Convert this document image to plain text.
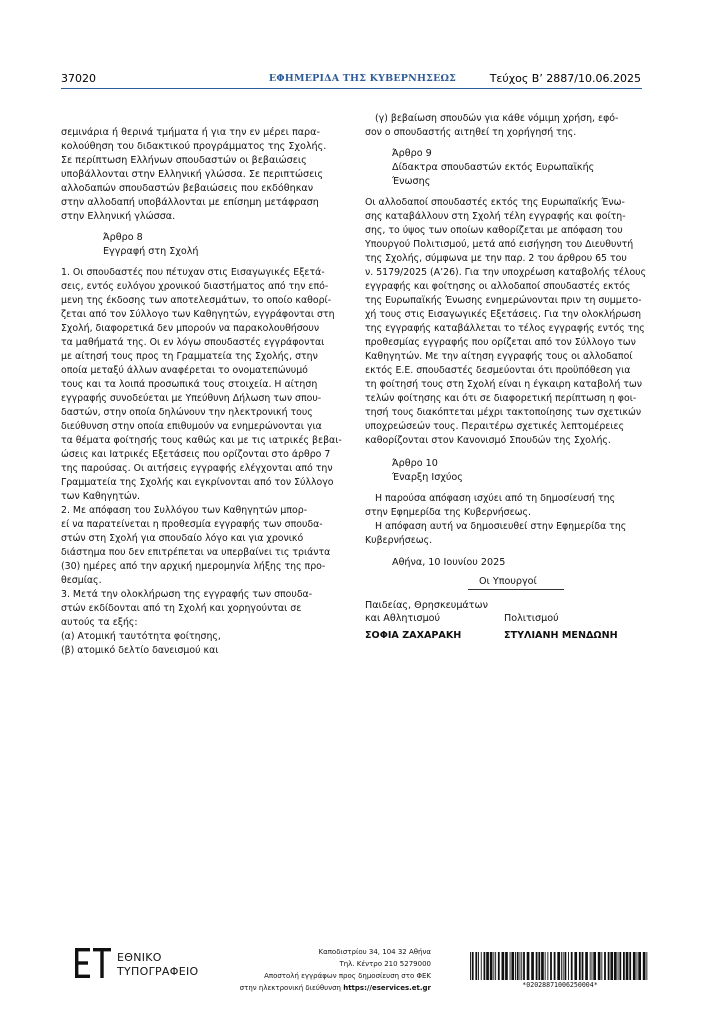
37020	ΕΦΗΜΕΡΙΔΑ ΤΗΣ ΚΥΒΕΡΝΗΣΕΩΣ	Τεύχος Β’ 2887/10.06.2025
σεμινάρια ή θερινά τμήματα ή για την εν μέρει παρα-
κολούθηση του διδακτικού προγράμματος της Σχολής.
Σε περίπτωση Ελλήνων σπουδαστών οι βεβαιώσεις
υποβάλλονται στην Ελληνική γλώσσα. Σε περιπτώσεις
αλλοδαπών σπουδαστών βεβαιώσεις που εκδόθηκαν
στην αλλοδαπή υποβάλλονται με επίσημη μετάφραση
στην Ελληνική γλώσσα.
Άρθρο 8
Εγγραφή στη Σχολή
1. Οι σπουδαστές που πέτυχαν στις Εισαγωγικές Εξετά-
σεις, εντός ευλόγου χρονικού διαστήματος από την επό-
μενη της έκδοσης των αποτελεσμάτων, το οποίο καθορί-
ζεται από τον Σύλλογο των Καθηγητών, εγγράφονται στη
Σχολή, διαφορετικά δεν μπορούν να παρακολουθήσουν
τα μαθήματά της. Οι εν λόγω σπουδαστές εγγράφονται
με αίτησή τους προς τη Γραμματεία της Σχολής, στην
οποία μεταξύ άλλων αναφέρεται το ονοματεπώνυμό
τους και τα λοιπά προσωπικά τους στοιχεία. Η αίτηση
εγγραφής συνοδεύεται με Υπεύθυνη Δήλωση των σπου-
δαστών, στην οποία δηλώνουν την ηλεκτρονική τους
διεύθυνση στην οποία επιθυμούν να ενημερώνονται για
τα θέματα φοίτησής τους καθώς και με τις ιατρικές βεβαι-
ώσεις και Ιατρικές Εξετάσεις που ορίζονται στο άρθρο 7
της παρούσας. Οι αιτήσεις εγγραφής ελέγχονται από την
Γραμματεία της Σχολής και εγκρίνονται από τον Σύλλογο
των Καθηγητών.
2. Με απόφαση του Συλλόγου των Καθηγητών μπορ-
εί να παρατείνεται η προθεσμία εγγραφής των σπουδα-
στών στη Σχολή για σπουδαίο λόγο και για χρονικό
διάστημα που δεν επιτρέπεται να υπερβαίνει τις τριάντα
(30) ημέρες από την αρχική ημερομηνία λήξης της προ-
θεσμίας.
3. Μετά την ολοκλήρωση της εγγραφής των σπουδα-
στών εκδίδονται από τη Σχολή και χορηγούνται σε
αυτούς τα εξής:
(α) Ατομική ταυτότητα φοίτησης,
(β) ατομικό δελτίο δανεισμού και
(γ) βεβαίωση σπουδών για κάθε νόμιμη χρήση, εφό-
σον ο σπουδαστής αιτηθεί τη χορήγησή της.
Άρθρο 9
Δίδακτρα σπουδαστών εκτός Ευρωπαϊκής
Ένωσης
Οι αλλοδαποί σπουδαστές εκτός της Ευρωπαϊκής Ένω-
σης καταβάλλουν στη Σχολή τέλη εγγραφής και φοίτη-
σης, το ύψος των οποίων καθορίζεται με απόφαση του
Υπουργού Πολιτισμού, μετά από εισήγηση του Διευθυντή
της Σχολής, σύμφωνα με την παρ. 2 του άρθρου 65 του
ν. 5179/2025 (Α’26). Για την υποχρέωση καταβολής τέλους
εγγραφής και φοίτησης οι αλλοδαποί σπουδαστές εκτός
της Ευρωπαϊκής Ένωσης ενημερώνονται πριν τη συμμετο-
χή τους στις Εισαγωγικές Εξετάσεις. Για την ολοκλήρωση
της εγγραφής καταβάλλεται το τέλος εγγραφής εντός της
προθεσμίας εγγραφής που ορίζεται από τον Σύλλογο των
Καθηγητών. Με την αίτηση εγγραφής τους οι αλλοδαποί
εκτός Ε.Ε. σπουδαστές δεσμεύονται ότι προϋπόθεση για
τη φοίτησή τους στη Σχολή είναι η έγκαιρη καταβολή των
τελών φοίτησης και ότι σε διαφορετική περίπτωση η φοι-
τησή τους διακόπτεται μέχρι τακτοποίησης των σχετικών
υποχρεώσεών τους. Περαιτέρω σχετικές λεπτομέρειες
καθορίζονται στον Κανονισμό Σπουδών της Σχολής.
Άρθρο 10
Έναρξη Ισχύος
Η παρούσα απόφαση ισχύει από τη δημοσίευσή της
στην Εφημερίδα της Κυβερνήσεως.
Η απόφαση αυτή να δημοσιευθεί στην Εφημερίδα της
Κυβερνήσεως.
Αθήνα, 10 Ιουνίου 2025
Οι Υπουργοί
Παιδείας, Θρησκευμάτων
και Αθλητισμού
ΣΟΦΙΑ ΖΑΧΑΡΑΚΗ
Πολιτισμού
ΣΤΥΛΙΑΝΗ ΜΕΝΔΩΝΗ
ΕΘΝΙΚΟ
ΤΥΠΟΓΡΑΦΕΙΟ
Καποδιστρίου 34, 104 32 Αθήνα
Τηλ. Κέντρο 210 5279000
Αποστολή εγγράφων προς δημοσίευση στο ΦΕΚ
στην ηλεκτρονική διεύθυνση https://eservices.et.gr	*02028871006250004*
